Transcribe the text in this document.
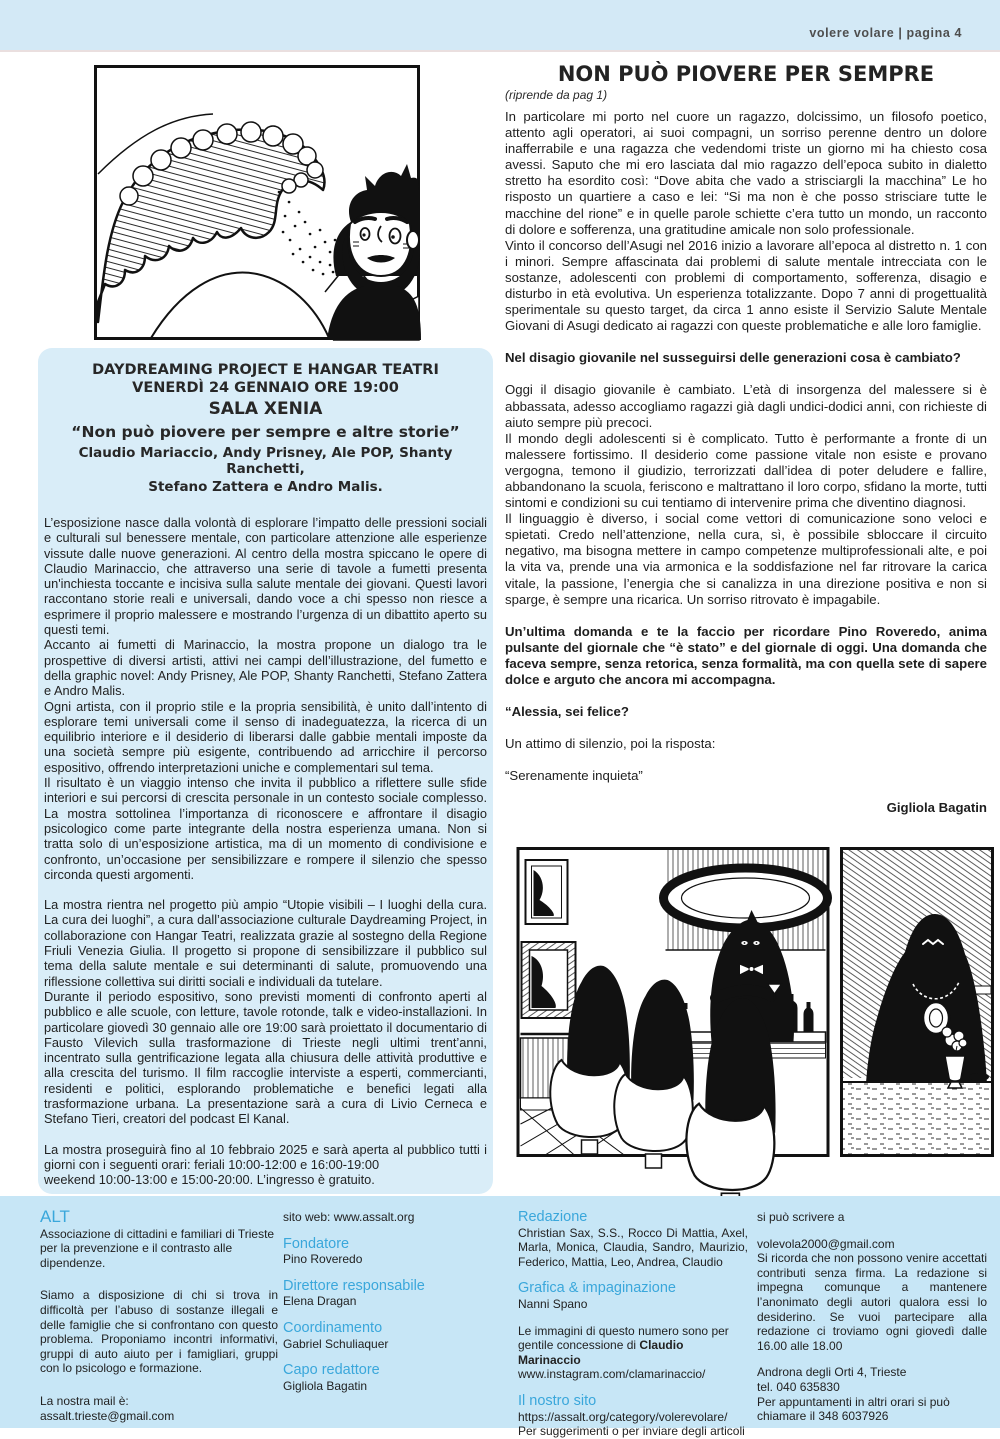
volere volare | pagina 4
DAYDREAMING PROJECT E HANGAR TEATRI
VENERDÌ 24 GENNAIO ORE 19:00
SALA XENIA
“Non può piovere per sempre e altre storie”
Claudio Mariaccio, Andy Prisney, Ale POP, Shanty Ranchetti,
Stefano Zattera e Andro Malis.

L’esposizione nasce dalla volontà di esplorare l’impatto delle pressioni sociali e culturali sul benessere mentale, con particolare attenzione alle esperienze vissute dalle nuove generazioni. Al centro della mostra spiccano le opere di Claudio Marinaccio, che attraverso una serie di tavole a fumetti presenta un'inchiesta toccante e incisiva sulla salute mentale dei giovani. Questi lavori raccontano storie reali e universali, dando voce a chi spesso non riesce a esprimere il proprio malessere e mostrando l’urgenza di un dibattito aperto su questi temi.

Accanto ai fumetti di Marinaccio, la mostra propone un dialogo tra le prospettive di diversi artisti, attivi nei campi dell’illustrazione, del fumetto e della graphic novel: Andy Prisney, Ale POP, Shanty Ranchetti, Stefano Zattera e Andro Malis.

Ogni artista, con il proprio stile e la propria sensibilità, è unito dall’intento di esplorare temi universali come il senso di inadeguatezza, la ricerca di un equilibrio interiore e il desiderio di liberarsi dalle gabbie mentali imposte da una società sempre più esigente, contribuendo ad arricchire il percorso espositivo, offrendo interpretazioni uniche e complementari sul tema.

Il risultato è un viaggio intenso che invita il pubblico a riflettere sulle sfide interiori e sui percorsi di crescita personale in un contesto sociale complesso. La mostra sottolinea l’importanza di riconoscere e affrontare il disagio psicologico come parte integrante della nostra esperienza umana. Non si tratta solo di un’esposizione artistica, ma di un momento di condivisione e confronto, un’occasione per sensibilizzare e rompere il silenzio che spesso circonda questi argomenti.

La mostra rientra nel progetto più ampio “Utopie visibili – I luoghi della cura. La cura dei luoghi”, a cura dall’associazione culturale Daydreaming Project, in collaborazione con Hangar Teatri, realizzata grazie al sostegno della Regione Friuli Venezia Giulia. Il progetto si propone di sensibilizzare il pubblico sul tema della salute mentale e sui determinanti di salute, promuovendo una riflessione collettiva sui diritti sociali e individuali da tutelare.

Durante il periodo espositivo, sono previsti momenti di confronto aperti al pubblico e alle scuole, con letture, tavole rotonde, talk e video-installazioni. In particolare giovedì 30 gennaio alle ore 19:00 sarà proiettato il documentario di Fausto Vilevich sulla trasformazione di Trieste negli ultimi trent’anni, incentrato sulla gentrificazione legata alla chiusura delle attività produttive e alla crescita del turismo. Il film raccoglie interviste a esperti, commercianti, residenti e politici, esplorando problematiche e benefici legati alla trasformazione urbana. La presentazione sarà a cura di Livio Cerneca e Stefano Tieri, creatori del podcast El Kanal.

La mostra proseguirà fino al 10 febbraio 2025 e sarà aperta al pubblico tutti i giorni con i seguenti orari: feriali 10:00-12:00 e 16:00-19:00

weekend 10:00-13:00 e 15:00-20:00. L’ingresso è gratuito.

NON PUÒ PIOVERE PER SEMPRE
(riprende da pag 1)

In particolare mi porto nel cuore un ragazzo, dolcissimo, un filosofo poetico, attento agli operatori, ai suoi compagni, un sorriso perenne dentro un dolore inafferrabile e una ragazza che vedendomi triste un giorno mi ha chiesto cosa avessi. Saputo che mi ero lasciata dal mio ragazzo dell’epoca subito in dialetto stretto ha esordito così: “Dove abita che vado a strisciargli la macchina” Le ho risposto un quartiere a caso e lei: “Si ma non è che posso strisciare tutte le macchine del rione” e in quelle parole schiette c’era tutto un mondo, un racconto di dolore e sofferenza, una gratitudine amicale non solo professionale.

Vinto il concorso dell’Asugi nel 2016 inizio a lavorare all’epoca al distretto n. 1 con i minori. Sempre affascinata dai problemi di salute mentale intrecciata con le sostanze, adolescenti con problemi di comportamento, sofferenza, disagio e disturbo in età evolutiva. Un esperienza totalizzante. Dopo 7 anni di progettualità sperimentale su questo target, da circa 1 anno esiste il Servizio Salute Mentale Giovani di Asugi dedicato ai ragazzi con queste problematiche e alle loro famiglie.

Nel disagio giovanile nel susseguirsi delle generazioni cosa è cambiato?

Oggi il disagio giovanile è cambiato. L’età di insorgenza del malessere si è abbassata, adesso accogliamo ragazzi già dagli undici-dodici anni, con richieste di aiuto sempre più precoci.

Il mondo degli adolescenti si è complicato. Tutto è performante a fronte di un malessere fortissimo. Il desiderio come passione vitale non esiste e provano vergogna, temono il giudizio, terrorizzati dall’idea di poter deludere e fallire, abbandonano la scuola, feriscono e maltrattano il loro corpo, sfidano la morte, tutti sintomi e condizioni su cui tentiamo di intervenire prima che diventino diagnosi.

Il linguaggio è diverso, i social come vettori di comunicazione sono veloci e spietati. Credo nell’attenzione, nella cura, sì, è possibile sbloccare il circuito negativo, ma bisogna mettere in campo competenze multiprofessionali alte, e poi la vita va, prende una via armonica e la soddisfazione nel far ritrovare la carica vitale, la passione, l’energia che si canalizza in una direzione positiva e non si sparge, è sempre una ricarica. Un sorriso ritrovato è impagabile.

Un’ultima domanda e te la faccio per ricordare Pino Roveredo, anima pulsante del giornale che “è stato” e del giornale di oggi. Una domanda che faceva sempre, senza retorica, senza formalità, ma con quella sete di sapere dolce e arguto che ancora mi accompagna.

“Alessia, sei felice?

Un attimo di silenzio, poi la risposta:

“Serenamente inquieta”

Gigliola Bagatin
ALT
Associazione di cittadini e familiari di Trieste per la prevenzione e il contrasto alle dipendenze.
Siamo a disposizione di chi si trova in difficoltà per l’abuso di sostanze illegali e delle famiglie che si confrontano con questo problema. Proponiamo incontri informativi, gruppi di auto aiuto per i famigliari, gruppi con lo psicologo e formazione.
La nostra mail è:
assalt.trieste@gmail.com
sito web: www.assalt.org
Fondatore
Pino Roveredo
Direttore responsabile
Elena Dragan
Coordinamento
Gabriel Schuliaquer
Capo redattore
Gigliola Bagatin
Redazione
Christian Sax, S.S., Rocco Di Mattia, Axel, Marla, Monica, Claudia, Sandro, Maurizio, Federico, Mattia, Leo, Andrea, Claudio
Grafica & impaginazione
Nanni Spano
Le immagini di questo numero sono per gentile concessione di Claudio Marinaccio www.instagram.com/clamarinaccio/
Il nostro sito
https://assalt.org/category/volerevolare/
Per suggerimenti o per inviare degli articoli
si può scrivere a
volevola2000@gmail.com
Si ricorda che non possono venire accettati contributi senza firma. La redazione si impegna comunque a mantenere l’anonimato degli autori qualora essi lo desiderino. Se vuoi partecipare alla redazione ci troviamo ogni giovedì dalle 16.00 alle 18.00
Androna degli Orti 4, Trieste
tel. 040 635830
Per appuntamenti in altri orari si può chiamare il 348 6037926
